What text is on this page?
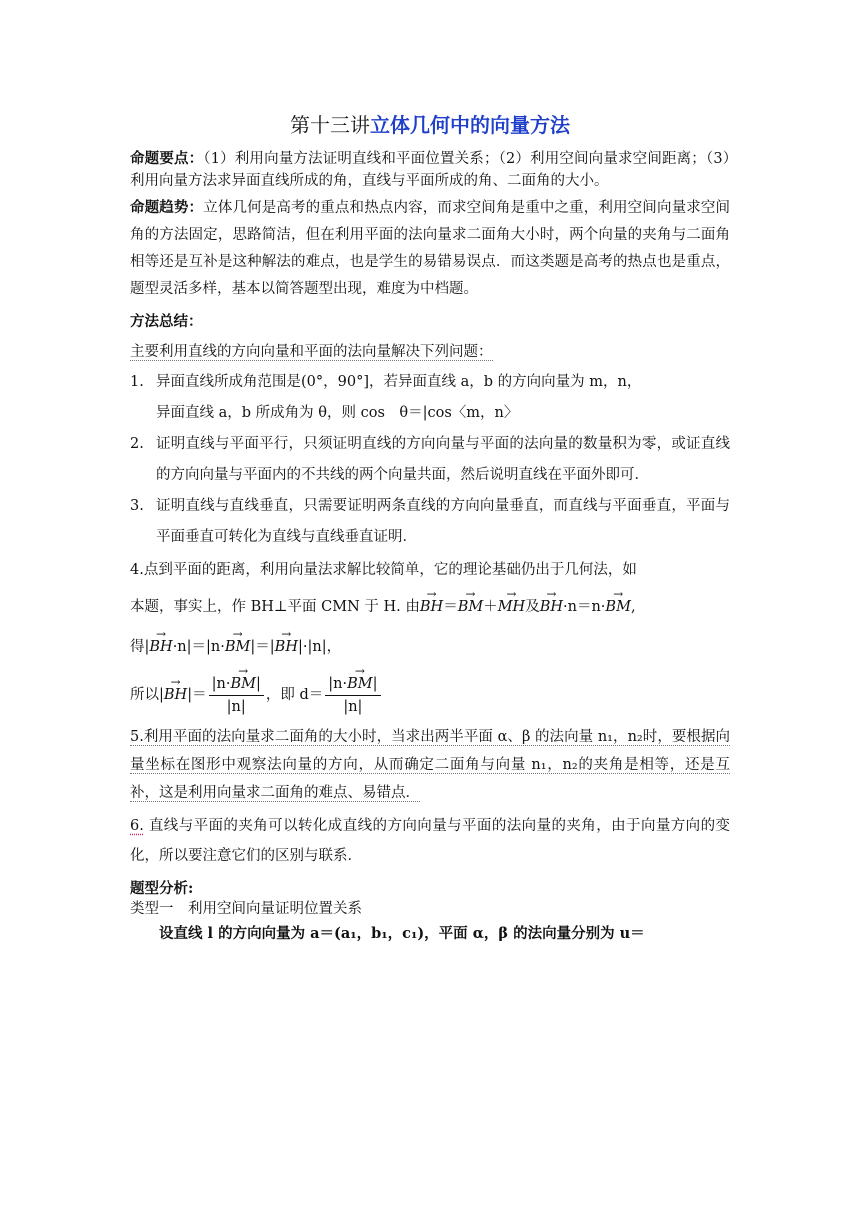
第十三讲立体几何中的向量方法

命题要点：（1）利用向量方法证明直线和平面位置关系；（2）利用空间向量求空间距离；（3）利用向量方法求异面直线所成的角，直线与平面所成的角、二面角的大小。

命题趋势：立体几何是高考的重点和热点内容，而求空间角是重中之重，利用空间向量求空间角的方法固定，思路简洁，但在利用平面的法向量求二面角大小时，两个向量的夹角与二面角相等还是互补是这种解法的难点，也是学生的易错易误点．而这类题是高考的热点也是重点，题型灵活多样，基本以简答题型出现，难度为中档题。

方法总结：

主要利用直线的方向向量和平面的法向量解决下列问题：

1. 异面直线所成角范围是(0°，90°]，若异面直线 a，b 的方向向量为 m，n，
异面直线 a，b 所成角为 θ，则 cos　θ＝|cos〈m，n〉
2. 证明直线与平面平行，只须证明直线的方向向量与平面的法向量的数量积为零，或证直线的方向向量与平面内的不共线的两个向量共面，然后说明直线在平面外即可．
3. 证明直线与直线垂直，只需要证明两条直线的方向向量垂直，而直线与平面垂直，平面与平面垂直可转化为直线与直线垂直证明．

4.点到平面的距离，利用向量法求解比较简单，它的理论基础仍出于几何法，如

本题，事实上，作 BH⊥平面 CMN 于 H. 由→ BH＝→ BM＋→ MH及→ BH·n＝n·→ BM,

得|→ BH·n|＝|n·→ BM|＝|→ BH|·|n|，

所以|
→ BH |＝ $\frac{|n\cdot\to BM|}{|n|}$ ，即 $d= \frac{|n\cdot\to BM|}{|n|}$

5.利用平面的法向量求二面角的大小时，当求出两半平面 α、β 的法向量 n₁，n₂时，要根据向量坐标在图形中观察法向量的方向，从而确定二面角与向量 n₁，n₂的夹角是相等，还是互补，这是利用向量求二面角的难点、易错点．

6. 直线与平面的夹角可以转化成直线的方向向量与平面的法向量的夹角，由于向量方向的变化，所以要注意它们的区别与联系．

题型分析:

类型一　利用空间向量证明位置关系

设直线 l 的方向向量为 a＝(a₁，b₁，c₁)，平面 α，β 的法向量分别为 u＝
